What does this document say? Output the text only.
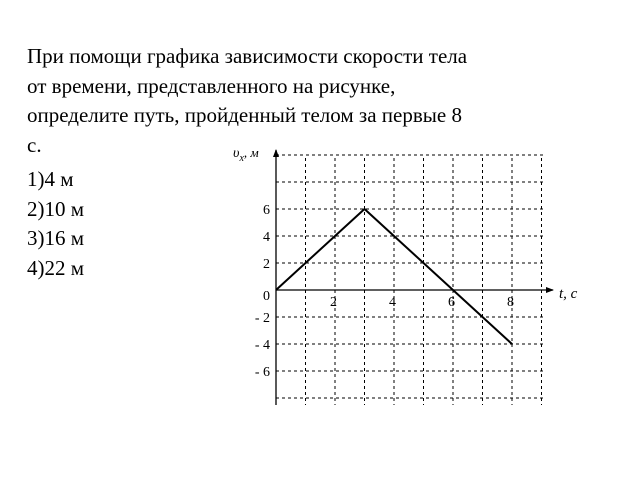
При помощи графика зависимости скорости тела
от времени, представленного на рисунке,
определите путь, пройденный телом за первые 8
с.
1)4 м
2)10 м
3)16 м
4)22 м
$\upsilon_x$, м
t, c
2	4	6	8
6
4
2
0
- 2
- 4
- 6
